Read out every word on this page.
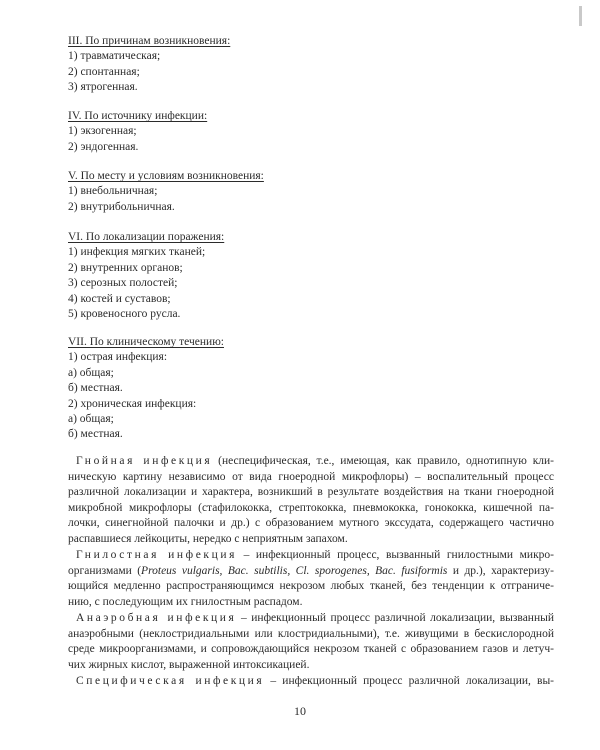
III. По причинам возникновения:
1) травматическая;
2) спонтанная;
3) ятрогенная.
IV. По источнику инфекции:
1) экзогенная;
2) эндогенная.
V. По месту и условиям возникновения:
1) внебольничная;
2) внутрибольничная.
VI. По локализации поражения:
1) инфекция мягких тканей;
2) внутренних органов;
3) серозных полостей;
4) костей и суставов;
5) кровеносного русла.
VII. По клиническому течению:
1) острая инфекция:
а) общая;
б) местная.
2) хроническая инфекция:
а) общая;
б) местная.
Гнойная инфекция (неспецифическая, т.е., имеющая, как правило, однотипную кли-
ническую картину независимо от вида гноеродной микрофлоры) – воспалительный процесс
различной локализации и характера, возникший в результате воздействия на ткани гноеродной
микробной микрофлоры (стафилококка, стрептококка, пневмококка, гонококка, кишечной па-
лочки, синегнойной палочки и др.) с образованием мутного экссудата, содержащего частично
распавшиеся лейкоциты, нередко с неприятным запахом.
Гнилостная инфекция – инфекционный процесс, вызванный гнилостными микро-
организмами (Proteus vulgaris, Bac. subtilis, Cl. sporogenes, Bac. fusiformis и др.), характеризу-
ющийся медленно распространяющимся некрозом любых тканей, без тенденции к отграниче-
нию, с последующим их гнилостным распадом.
Анаэробная инфекция – инфекционный процесс различной локализации, вызванный
анаэробными (неклостридиальными или клостридиальными), т.е. живущими в бескислородной
среде микроорганизмами, и сопровождающийся некрозом тканей с образованием газов и летуч-
чих жирных кислот, выраженной интоксикацией.
Специфическая инфекция – инфекционный процесс различной локализации, вы-
10
